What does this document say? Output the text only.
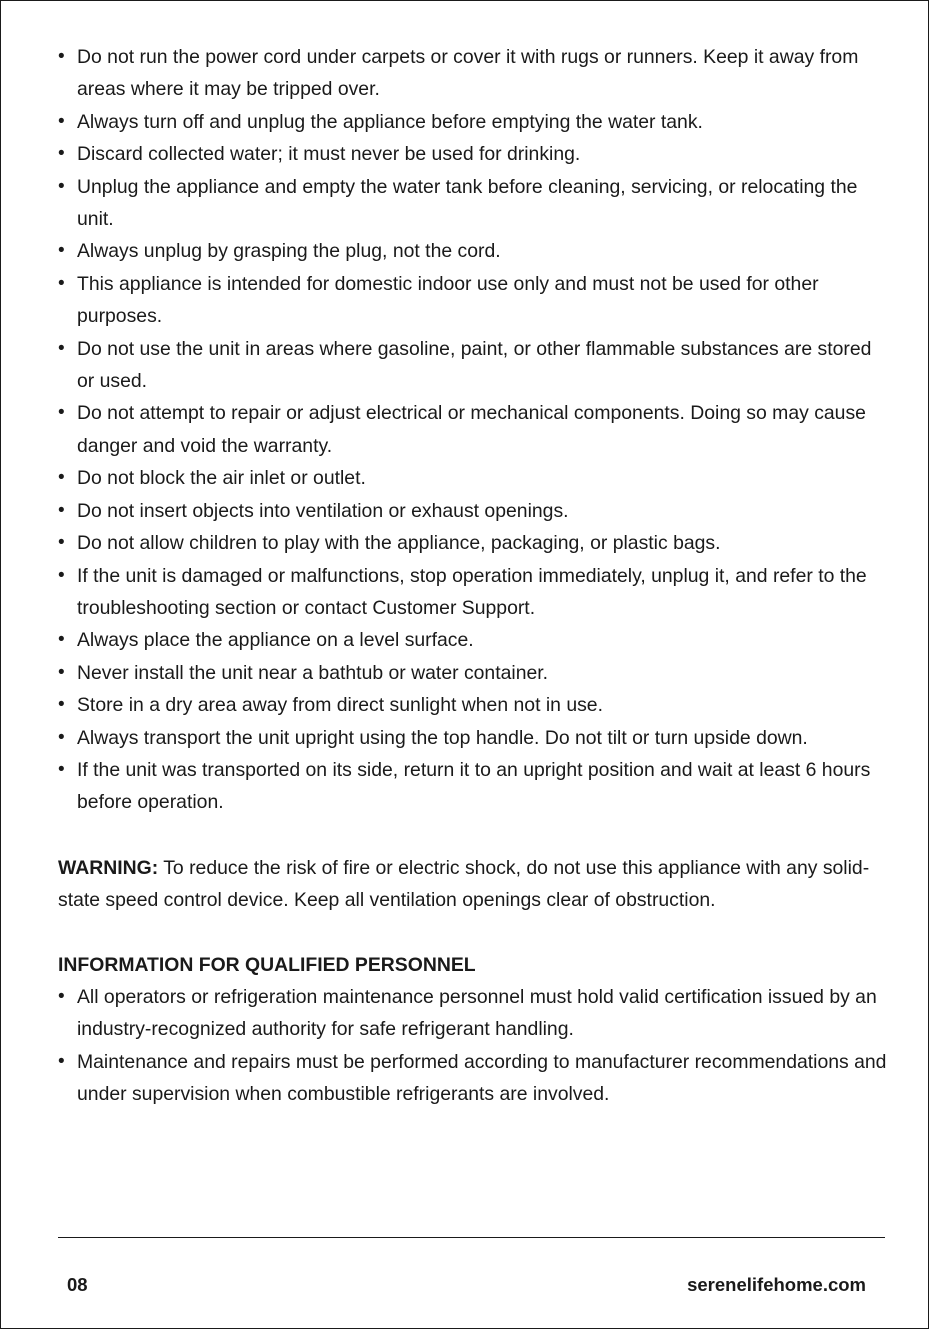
• Do not run the power cord under carpets or cover it with rugs or runners. Keep it away from areas where it may be tripped over.
• Always turn off and unplug the appliance before emptying the water tank.
• Discard collected water; it must never be used for drinking.
• Unplug the appliance and empty the water tank before cleaning, servicing, or relocating the unit.
• Always unplug by grasping the plug, not the cord.
• This appliance is intended for domestic indoor use only and must not be used for other purposes.
• Do not use the unit in areas where gasoline, paint, or other flammable substances are stored or used.
• Do not attempt to repair or adjust electrical or mechanical components. Doing so may cause danger and void the warranty.
• Do not block the air inlet or outlet.
• Do not insert objects into ventilation or exhaust openings.
• Do not allow children to play with the appliance, packaging, or plastic bags.
• If the unit is damaged or malfunctions, stop operation immediately, unplug it, and refer to the troubleshooting section or contact Customer Support.
• Always place the appliance on a level surface.
• Never install the unit near a bathtub or water container.
• Store in a dry area away from direct sunlight when not in use.
• Always transport the unit upright using the top handle. Do not tilt or turn upside down.
• If the unit was transported on its side, return it to an upright position and wait at least 6 hours before operation.

WARNING: To reduce the risk of fire or electric shock, do not use this appliance with any solid-state speed control device. Keep all ventilation openings clear of obstruction.

INFORMATION FOR QUALIFIED PERSONNEL
• All operators or refrigeration maintenance personnel must hold valid certification issued by an industry-recognized authority for safe refrigerant handling.
• Maintenance and repairs must be performed according to manufacturer recommendations and under supervision when combustible refrigerants are involved.
08	serenelifehome.com
